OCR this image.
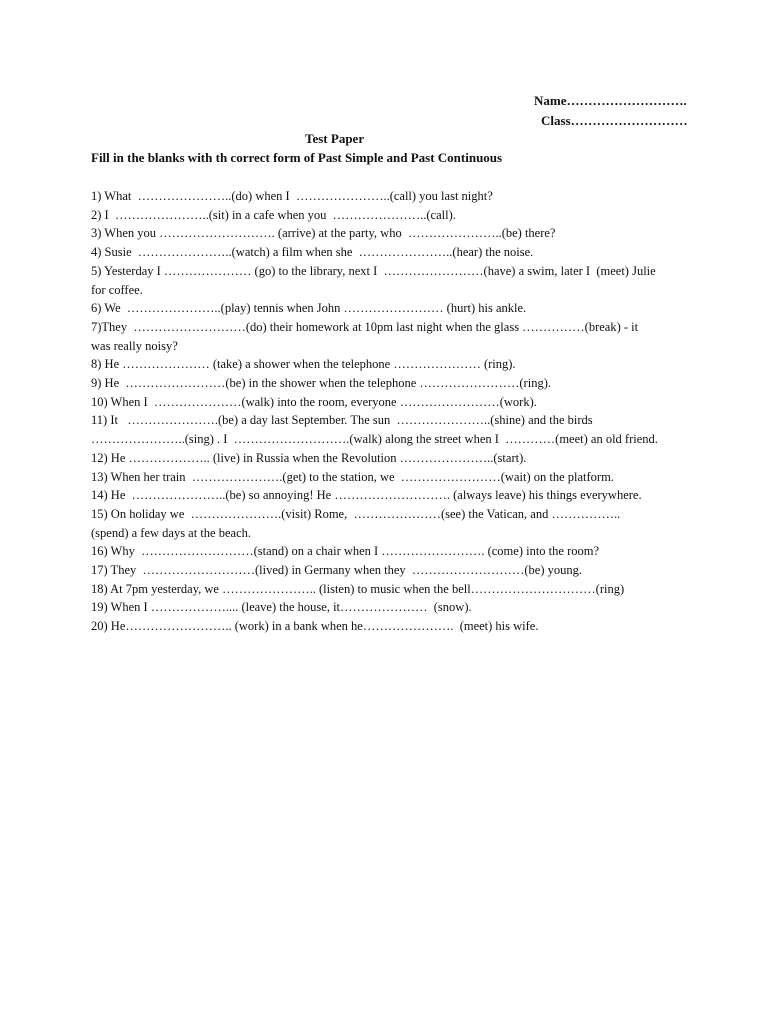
Name……………………….
Class………………………
Test Paper
Fill in the blanks with th correct form of Past Simple and Past Continuous
1) What  …………………..(do) when I  …………………..(call) you last night?
2) I  …………………..(sit) in a cafe when you  …………………..(call).
3) When you ………………………. (arrive) at the party, who  …………………..(be) there?
4) Susie  …………………..(watch) a film when she  …………………..(hear) the noise.
5) Yesterday I ………………… (go) to the library, next I  ……………………(have) a swim, later I  (meet) Julie
for coffee.
6) We  …………………..(play) tennis when John …………………… (hurt) his ankle.
7)They  ………………………(do) their homework at 10pm last night when the glass ……………(break) - it
was really noisy?
8) He ………………… (take) a shower when the telephone ………………… (ring).
9) He  ……………………(be) in the shower when the telephone ……………………(ring).
10) When I  …………………(walk) into the room, everyone ……………………(work).
11) It   ………………….(be) a day last September. The sun  …………………..(shine) and the birds
…………………..(sing) . I  ……………………….(walk) along the street when I  …………(meet) an old friend.
12) He ……………….. (live) in Russia when the Revolution …………………..(start).
13) When her train  ………………….(get) to the station, we  ……………………(wait) on the platform.
14) He  …………………..(be) so annoying! He ………………………. (always leave) his things everywhere.
15) On holiday we  ………………….(visit) Rome,  …………………(see) the Vatican, and ……………..
(spend) a few days at the beach.
16) Why  ………………………(stand) on a chair when I ……………………. (come) into the room?
17) They  ………………………(lived) in Germany when they  ………………………(be) young.
18) At 7pm yesterday, we ………………….. (listen) to music when the bell…………………………(ring)
19) When I ……………….... (leave) the house, it…………………  (snow).
20) He…………………….. (work) in a bank when he………………….  (meet) his wife.
